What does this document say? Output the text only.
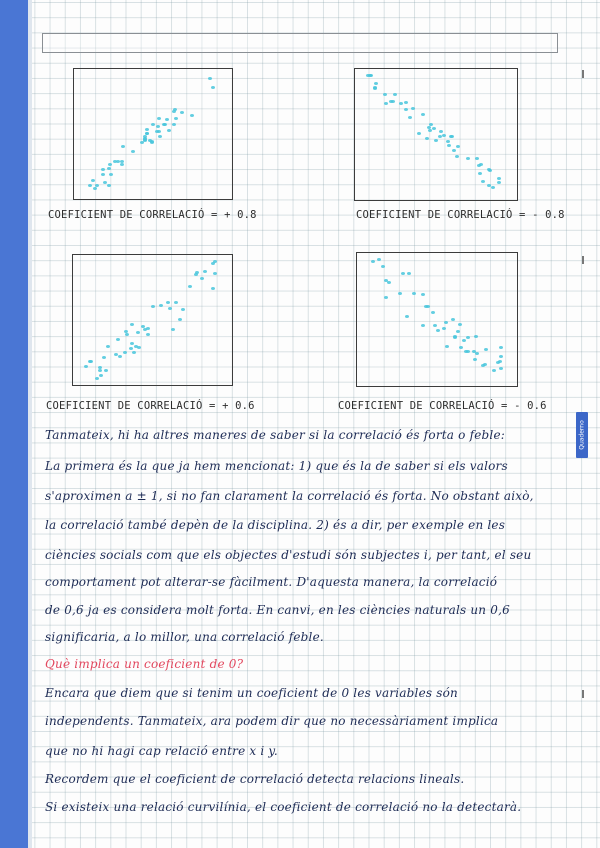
COEFICIENT DE CORRELACIÓ = + 0.8	COEFICIENT DE CORRELACIÓ = - 0.8
COEFICIENT DE CORRELACIÓ = + 0.6	COEFICIENT DE CORRELACIÓ = - 0.6
Quaderno
Tanmateix, hi ha altres maneres de saber si la correlació és forta o feble:
La primera és la que ja hem mencionat: 1) que és la de saber si els valors
s'aproximen a ± 1, si no fan clarament la correlació és forta. No obstant això,
la correlació també depèn de la disciplina. 2) és a dir, per exemple en les
ciències socials com que els objectes d'estudi són subjectes i, per tant, el seu
comportament pot alterar-se fàcilment. D'aquesta manera, la correlació
de 0,6 ja es considera molt forta. En canvi, en les ciències naturals un 0,6
significaria, a lo millor, una correlació feble.
Què implica un coeficient de 0?
Encara que diem que si tenim un coeficient de 0 les variables són
independents. Tanmateix, ara podem dir que no necessàriament implica
que no hi hagi cap relació entre x i y.
Recordem que el coeficient de correlació detecta relacions lineals.
Si existeix una relació curvilínia, el coeficient de correlació no la detectarà.
